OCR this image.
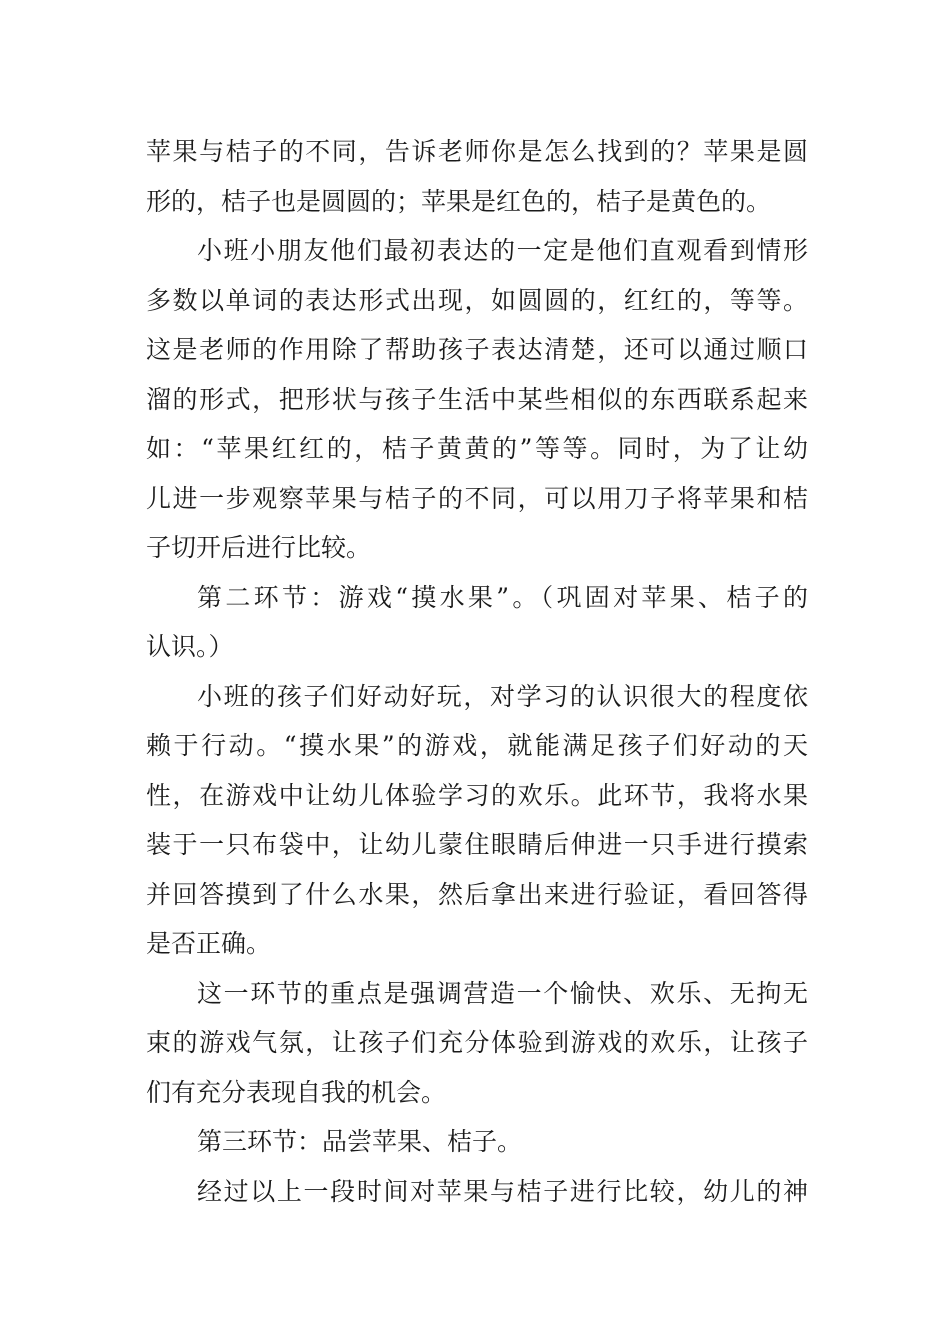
苹果与桔子的不同，告诉老师你是怎么找到的？苹果是圆
形的，桔子也是圆圆的；苹果是红色的，桔子是黄色的。
小班小朋友他们最初表达的一定是他们直观看到情形
多数以单词的表达形式出现，如圆圆的，红红的，等等。
这是老师的作用除了帮助孩子表达清楚，还可以通过顺口
溜的形式，把形状与孩子生活中某些相似的东西联系起来
如：“苹果红红的，桔子黄黄的”等等。同时，为了让幼
儿进一步观察苹果与桔子的不同，可以用刀子将苹果和桔
子切开后进行比较。
第二环节：游戏“摸水果”。（巩固对苹果、桔子的
认识。）
小班的孩子们好动好玩，对学习的认识很大的程度依
赖于行动。“摸水果”的游戏，就能满足孩子们好动的天
性，在游戏中让幼儿体验学习的欢乐。此环节，我将水果
装于一只布袋中，让幼儿蒙住眼睛后伸进一只手进行摸索
并回答摸到了什么水果，然后拿出来进行验证，看回答得
是否正确。
这一环节的重点是强调营造一个愉快、欢乐、无拘无
束的游戏气氛，让孩子们充分体验到游戏的欢乐，让孩子
们有充分表现自我的机会。
第三环节：品尝苹果、桔子。
经过以上一段时间对苹果与桔子进行比较，幼儿的神
